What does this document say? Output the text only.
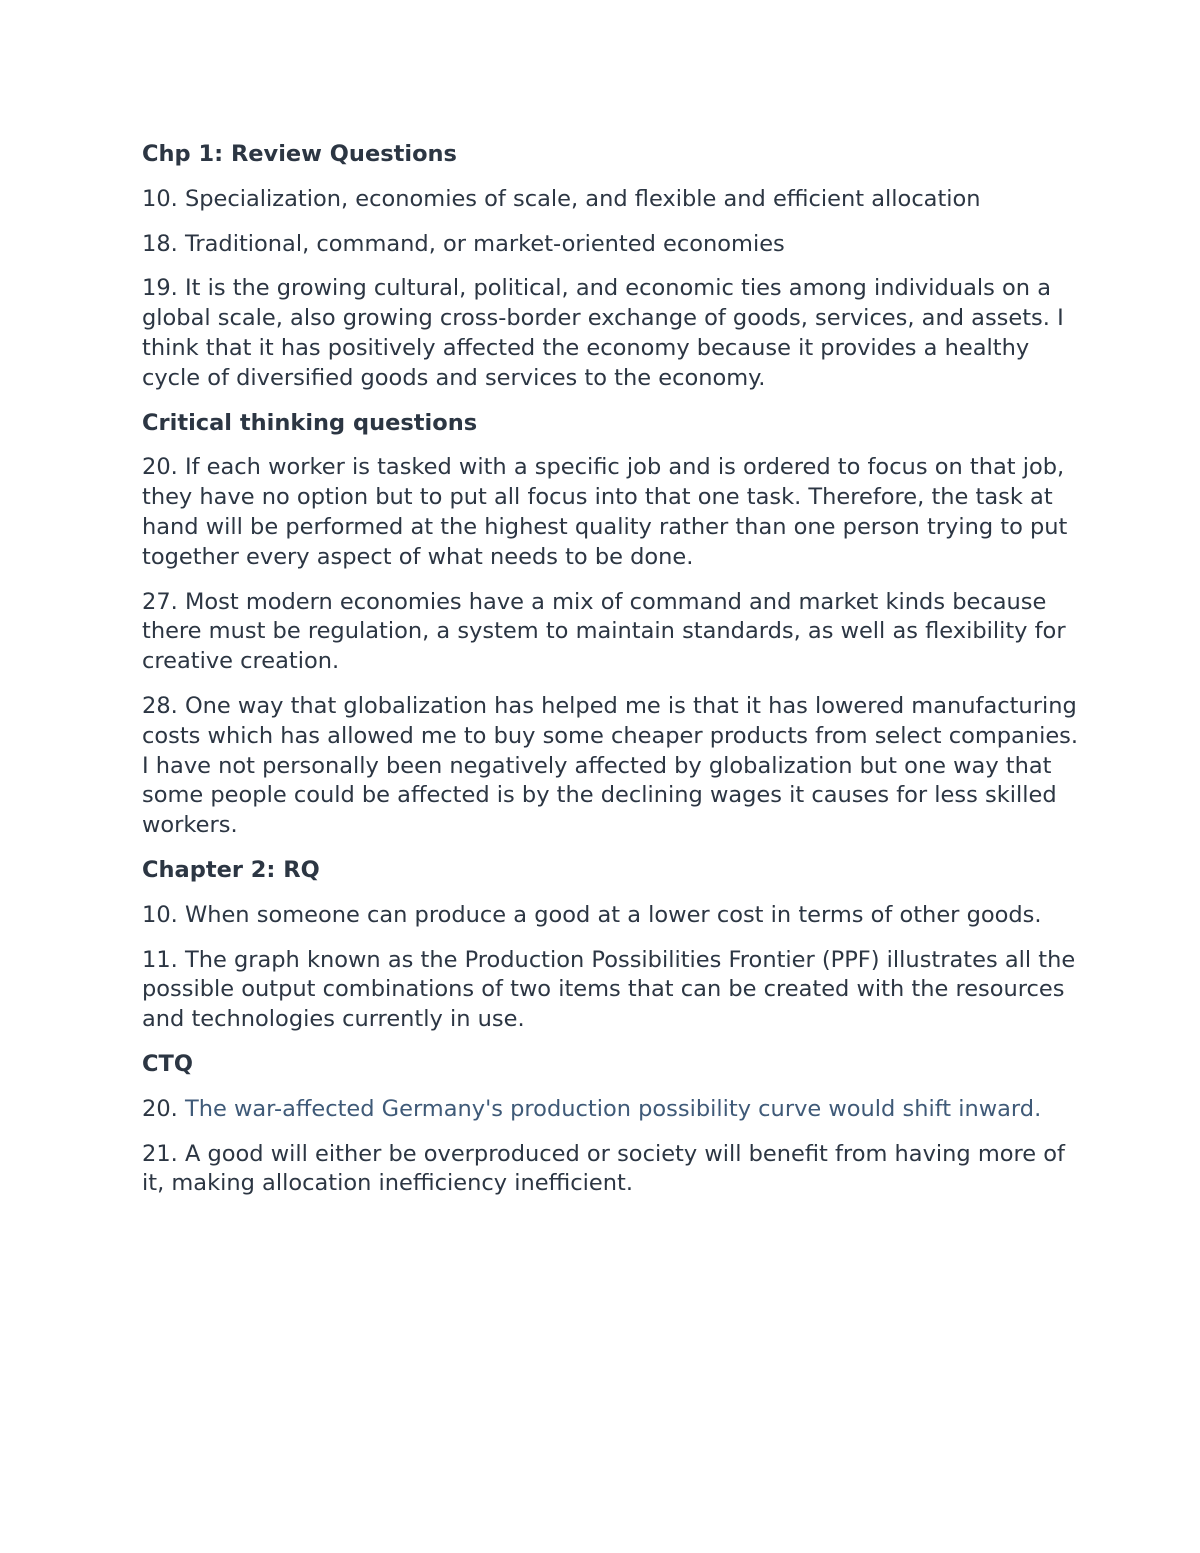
Chp 1: Review Questions

10. Specialization, economies of scale, and flexible and efficient allocation

18. Traditional, command, or market-oriented economies

19. It is the growing cultural, political, and economic ties among individuals on a global scale, also growing cross-border exchange of goods, services, and assets. I think that it has positively affected the economy because it provides a healthy cycle of diversified goods and services to the economy.

Critical thinking questions

20. If each worker is tasked with a specific job and is ordered to focus on that job, they have no option but to put all focus into that one task. Therefore, the task at hand will be performed at the highest quality rather than one person trying to put together every aspect of what needs to be done.

27. Most modern economies have a mix of command and market kinds because there must be regulation, a system to maintain standards, as well as flexibility for creative creation.

28. One way that globalization has helped me is that it has lowered manufacturing costs which has allowed me to buy some cheaper products from select companies. I have not personally been negatively affected by globalization but one way that some people could be affected is by the declining wages it causes for less skilled workers.

Chapter 2: RQ

10. When someone can produce a good at a lower cost in terms of other goods.

11. The graph known as the Production Possibilities Frontier (PPF) illustrates all the possible output combinations of two items that can be created with the resources and technologies currently in use.

CTQ

20. The war-affected Germany's production possibility curve would shift inward.

21. A good will either be overproduced or society will benefit from having more of it, making allocation inefficiency inefficient.
